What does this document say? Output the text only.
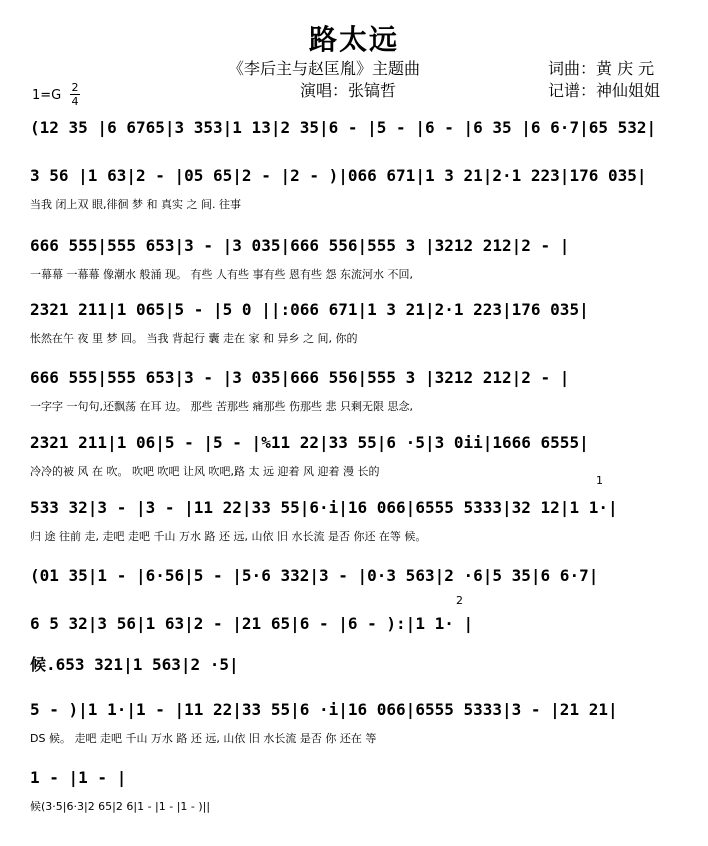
路太远
《李后主与赵匡胤》主题曲
演唱：张镐哲
词曲：黄 庆 元
记谱：神仙姐姐
1=G
2
4
(12 35 |6 6765|3 353|1 13|2 35|6 - |5 - |6 - |6 35 |6 6·7|65 532|
3 56 |1 63|2 - |05 65|2 - |2 - )|066 671|1 3 21|2·1 223|176 035|
当我 闭上双 眼,徘徊 梦 和 真实 之 间. 往事
666 555|555 653|3 - |3 035|666 556|555 3 |3212 212|2 - |
一幕幕 一幕幕 像潮水 般涌 现。 有些 人有些 事有些 恩有些 怨 东流河水 不回,
2321 211|1 065|5 - |5 0 ||:066 671|1 3 21|2·1 223|176 035|
怅然在午 夜 里 梦 回。 当我 背起行 囊 走在 家 和 异乡 之 间, 你的
666 555|555 653|3 - |3 035|666 556|555 3 |3212 212|2 - |
一字字 一句句,还飘荡 在耳 边。 那些 苦那些 痛那些 伤那些 悲 只剩无限 思念,
2321 211|1 06|5 - |5 - |%11 22|33 55|6 ·5|3 0ii|1666 6555|
冷冷的被 风 在 吹。 吹吧 吹吧 让风 吹吧,路 太 远 迎着 风 迎着 漫 长的
533 32|3 - |3 - |11 22|33 55|6·i|16 066|6555 5333|32 12|1 1·|
归 途 往前 走, 走吧 走吧 千山 万水 路 还 远, 山依 旧 水长流 是否 你还 在等 候。
(01 35|1 - |6·56|5 - |5·6 332|3 - |0·3 563|2 ·6|5 35|6 6·7|
6 5 32|3 56|1 63|2 - |21 65|6 - |6 - ):|1 1· |
候.653 321|1 563|2 ·5|
5 - )|1 1·|1 - |11 22|33 55|6 ·i|16 066|6555 5333|3 - |21 21|
DS 候。 走吧 走吧 千山 万水 路 还 远, 山依 旧 水长流 是否 你 还在 等
1 - |1 - |
候(3·5|6·3|2 65|2 6|1 - |1 - |1 - )||
1
2
